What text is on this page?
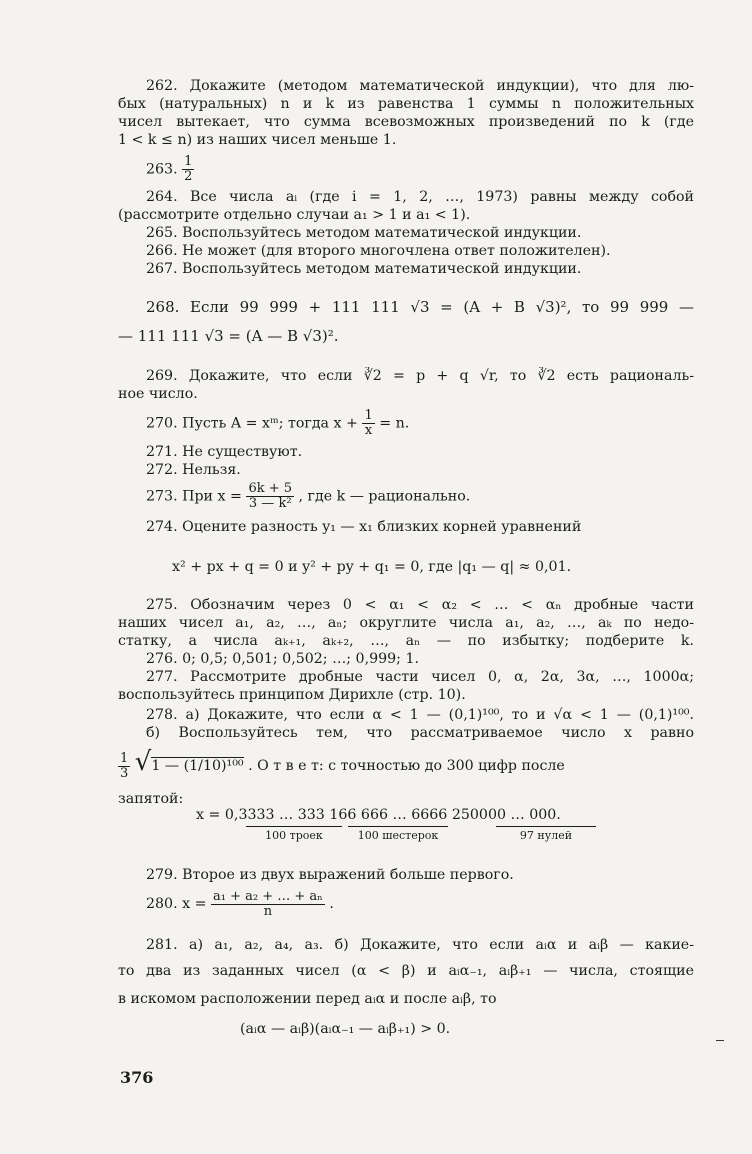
262. Докажите (методом математической индукции), что для лю-
бых (натуральных) n и k из равенства 1 суммы n положительных
чисел вытекает, что сумма всевозможных произведений по k (где
1 < k ≤ n) из наших чисел меньше 1.
263. $\frac{1}{2}$
264. Все числа aᵢ (где i = 1, 2, …, 1973) равны между собой
(рассмотрите отдельно случаи a₁ > 1 и a₁ < 1).
265. Воспользуйтесь методом математической индукции.
266. Не может (для второго многочлена ответ положителен).
267. Воспользуйтесь методом математической индукции.
268. Если 99 999 + 111 111 √3 = (A + B √3)², то 99 999 —
— 111 111 √3 = (A — B √3)².
269. Докажите, что если ∛2 = p + q √r, то ∛2 есть рациональ-
ное число.
270. Пусть A = xᵐ; тогда $x + \frac{1}{x} = n$.
271. Не существуют.
272. Нельзя.
273. При $x = \frac{6k + 5}{\text{3 — k²}}$ , где k — рационально.
274. Оцените разность y₁ — x₁ близких корней уравнений
x² + px + q = 0 и y² + py + q₁ = 0, где |q₁ — q| ≈ 0,01.
275. Обозначим через 0 < α₁ < α₂ < … < αₙ дробные части
наших чисел a₁, a₂, …, aₙ; округлите числа a₁, a₂, …, aₖ по недо-
статку, а числа aₖ₊₁, aₖ₊₂, …, aₙ — по избытку; подберите k.
276. 0; 0,5; 0,501; 0,502; …; 0,999; 1.
277. Рассмотрите дробные части чисел 0, α, 2α, 3α, …, 1000α;
воспользуйтесь принципом Дирихле (стр. 10).
278. а) Докажите, что если α < 1 — (0,1)¹⁰⁰, то и √α < 1 — (0,1)¹⁰⁰.
б) Воспользуйтесь тем, что рассматриваемое число x равно
$\frac{1}{3} √1$ — (1/10)¹⁰⁰ . О т в е т: с точностью до 300 цифр после
запятой:
x = 0,3333 … 333 166 666 … 6666 250000 … 000.
100 троек	100 шестерок	97 нулей
279. Второе из двух выражений больше первого.
280. $x = \frac{\text{a₁ + a₂ + … + aₙ}}{n}$ .
281. а) a₁, a₂, a₄, a₃. б) Докажите, что если aᵢα и aᵢβ — какие-
то два из заданных чисел (α < β) и aᵢα₋₁, aᵢβ₊₁ — числа, стоящие
в искомом расположении перед aᵢα и после aᵢβ, то
(aᵢα — aᵢβ)(aᵢα₋₁ — aᵢβ₊₁) > 0.
376
